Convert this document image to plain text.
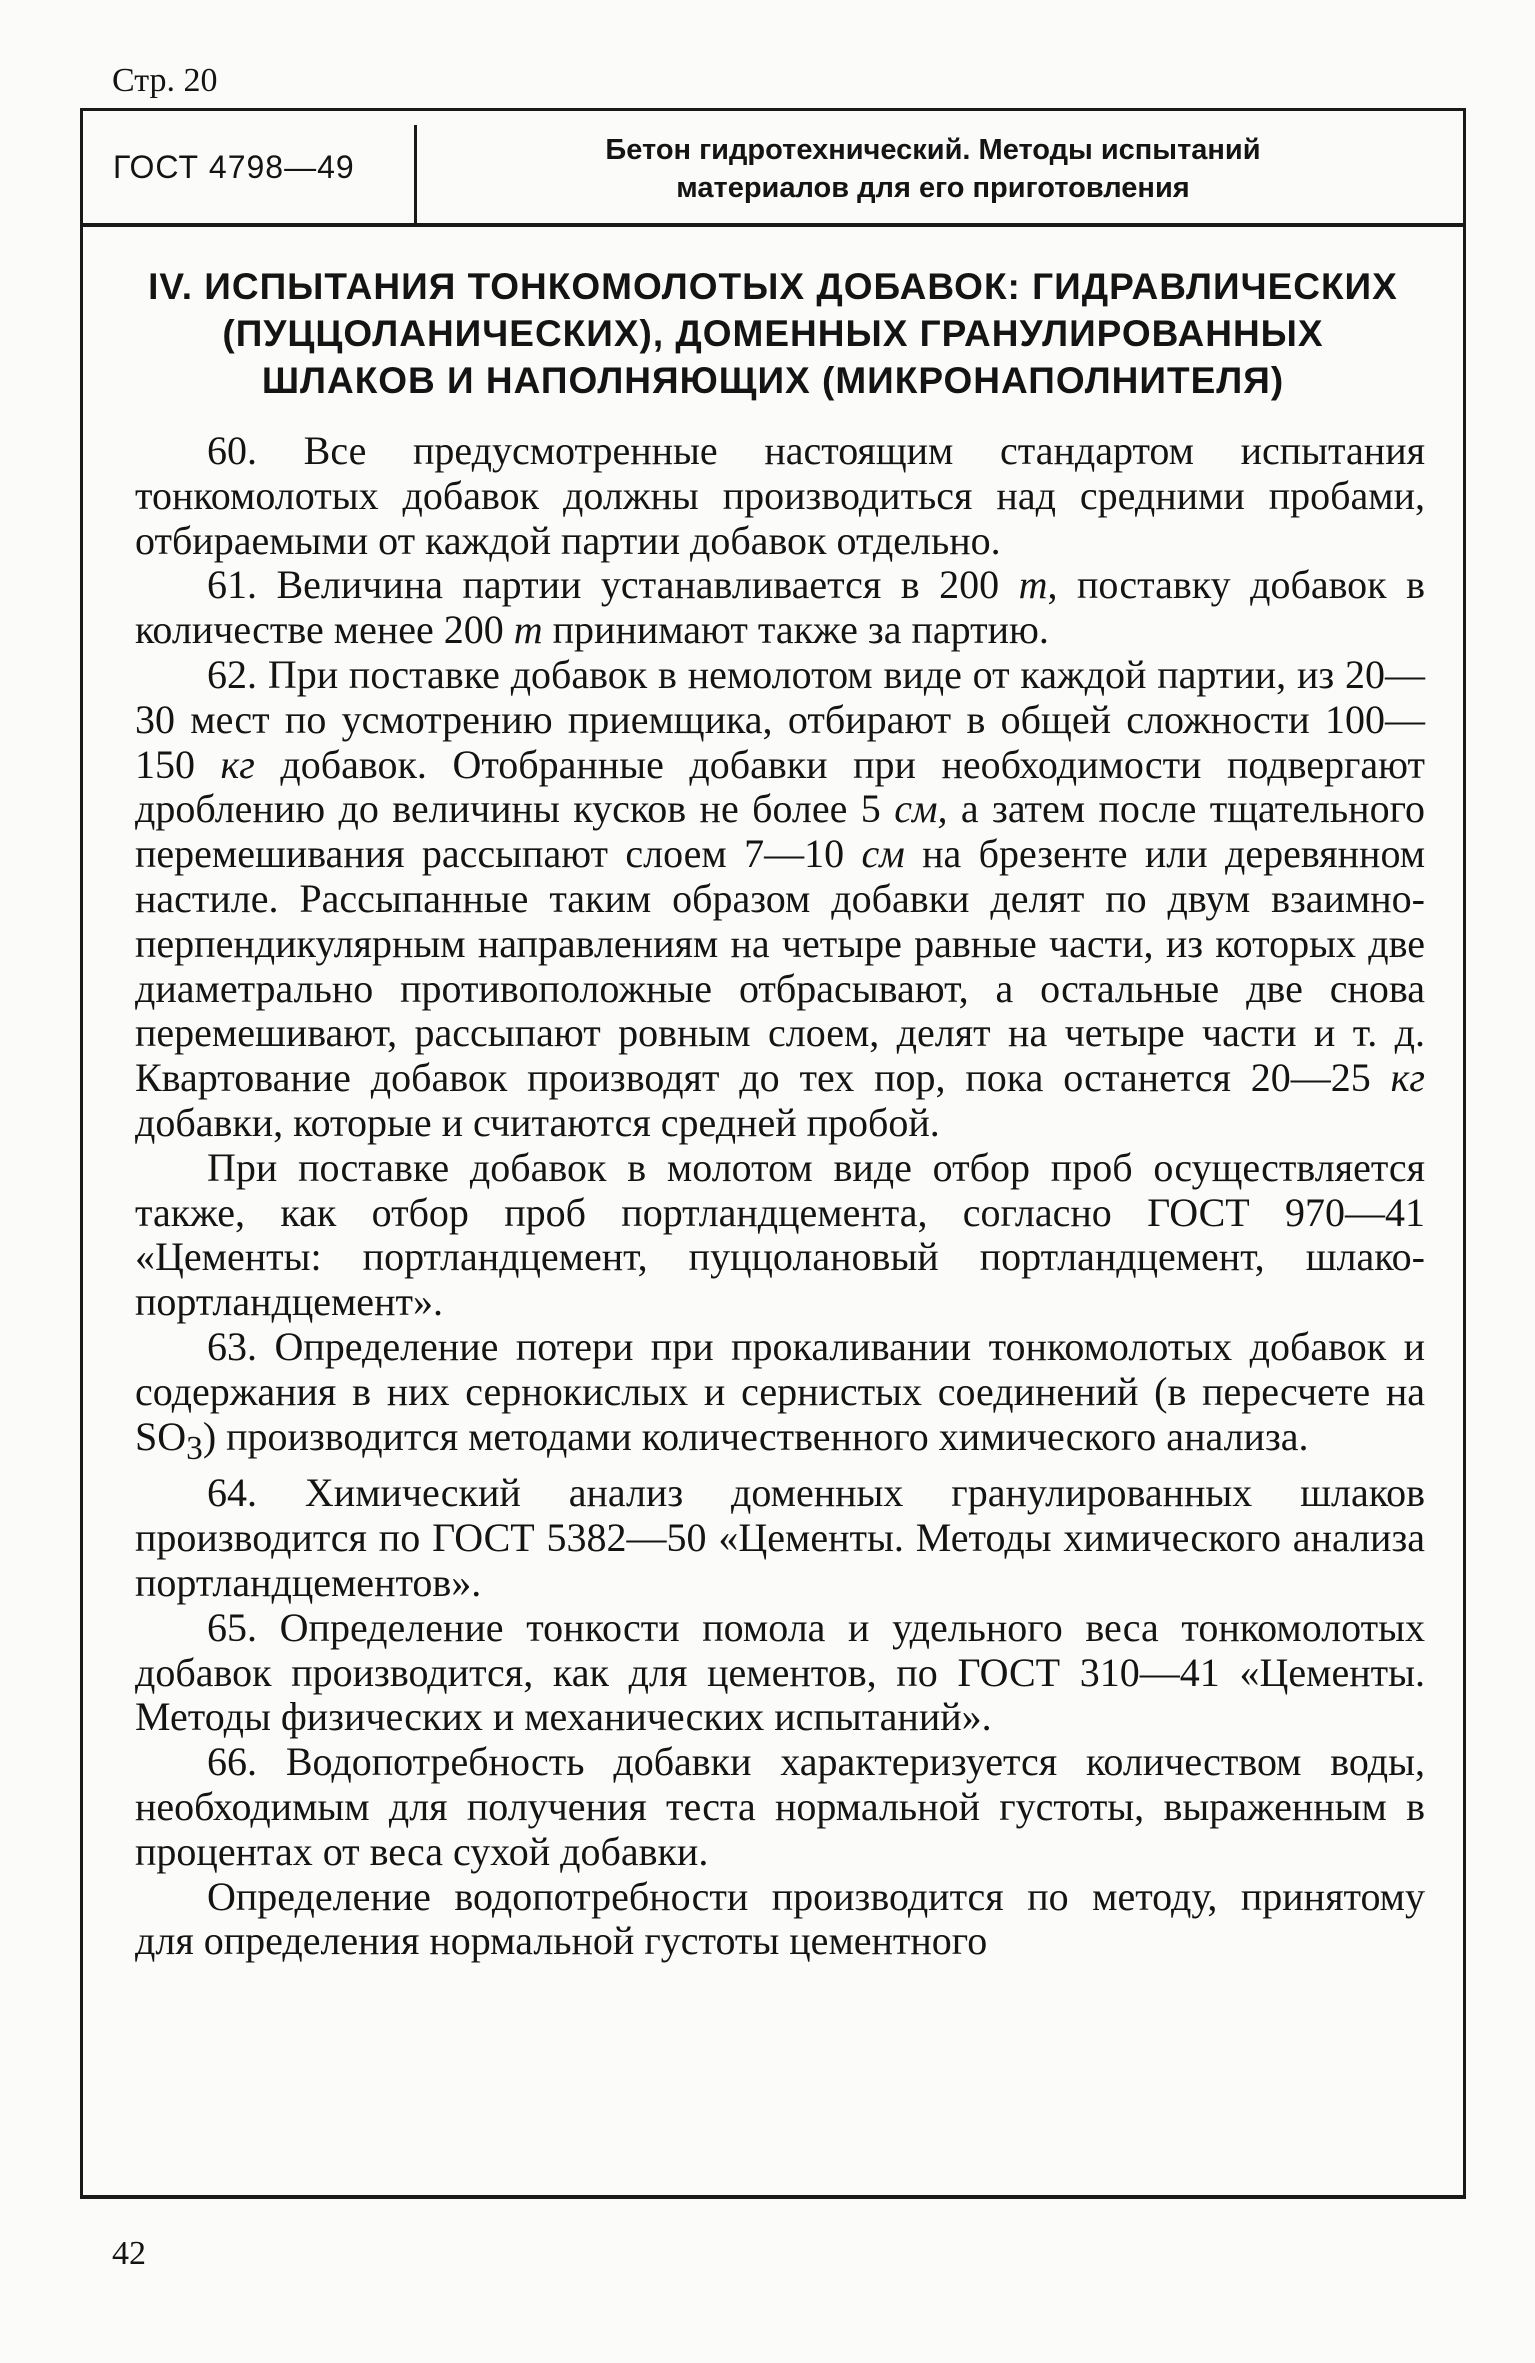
Стр. 20
ГОСТ 4798—49	Бетон гидротехнический. Методы испытаний
материалов для его приготовления
IV. ИСПЫТАНИЯ ТОНКОМОЛОТЫХ ДОБАВОК: ГИДРАВЛИЧЕСКИХ
(ПУЦЦОЛАНИЧЕСКИХ), ДОМЕННЫХ ГРАНУЛИРОВАННЫХ
ШЛАКОВ И НАПОЛНЯЮЩИХ (МИКРОНАПОЛНИТЕЛЯ)

60. Все предусмотренные настоящим стандартом испытания тонкомолотых добавок должны производиться над средними пробами, отбираемыми от каждой партии добавок отдельно.

61. Величина партии устанавливается в 200 т, поставку добавок в количестве менее 200 т принимают также за партию.

62. При поставке добавок в немолотом виде от каждой партии, из 20—30 мест по усмотрению приемщика, отбирают в общей сложности 100—150 кг добавок. Отобранные добавки при необходимости подвергают дроблению до величины кусков не более 5 см, а затем после тщательного перемешивания рассыпают слоем 7—10 см на брезенте или деревянном настиле. Рассыпанные таким образом добавки делят по двум взаимно-перпендикулярным направлениям на четыре равные части, из которых две диаметрально противоположные отбрасывают, а остальные две снова перемешивают, рассыпают ровным слоем, делят на четыре части и т. д. Квартование добавок производят до тех пор, пока останется 20—25 кг добавки, которые и считаются средней пробой.

При поставке добавок в молотом виде отбор проб осуществляется также, как отбор проб портландцемента, согласно ГОСТ 970—41 «Цементы: портландцемент, пуццолановый портландцемент, шлако-портландцемент».

63. Определение потери при прокаливании тонкомолотых добавок и содержания в них сернокислых и сернистых соединений (в пересчете на $SO_3$) производится методами количественного химического анализа.

64. Химический анализ доменных гранулированных шлаков производится по ГОСТ 5382—50 «Цементы. Методы химического анализа портландцементов».

65. Определение тонкости помола и удельного веса тонкомолотых добавок производится, как для цементов, по ГОСТ 310—41 «Цементы. Методы физических и механических испытаний».

66. Водопотребность добавки характеризуется количеством воды, необходимым для получения теста нормальной густоты, выраженным в процентах от веса сухой добавки.

Определение водопотребности производится по методу, принятому для определения нормальной густоты цементного

42
